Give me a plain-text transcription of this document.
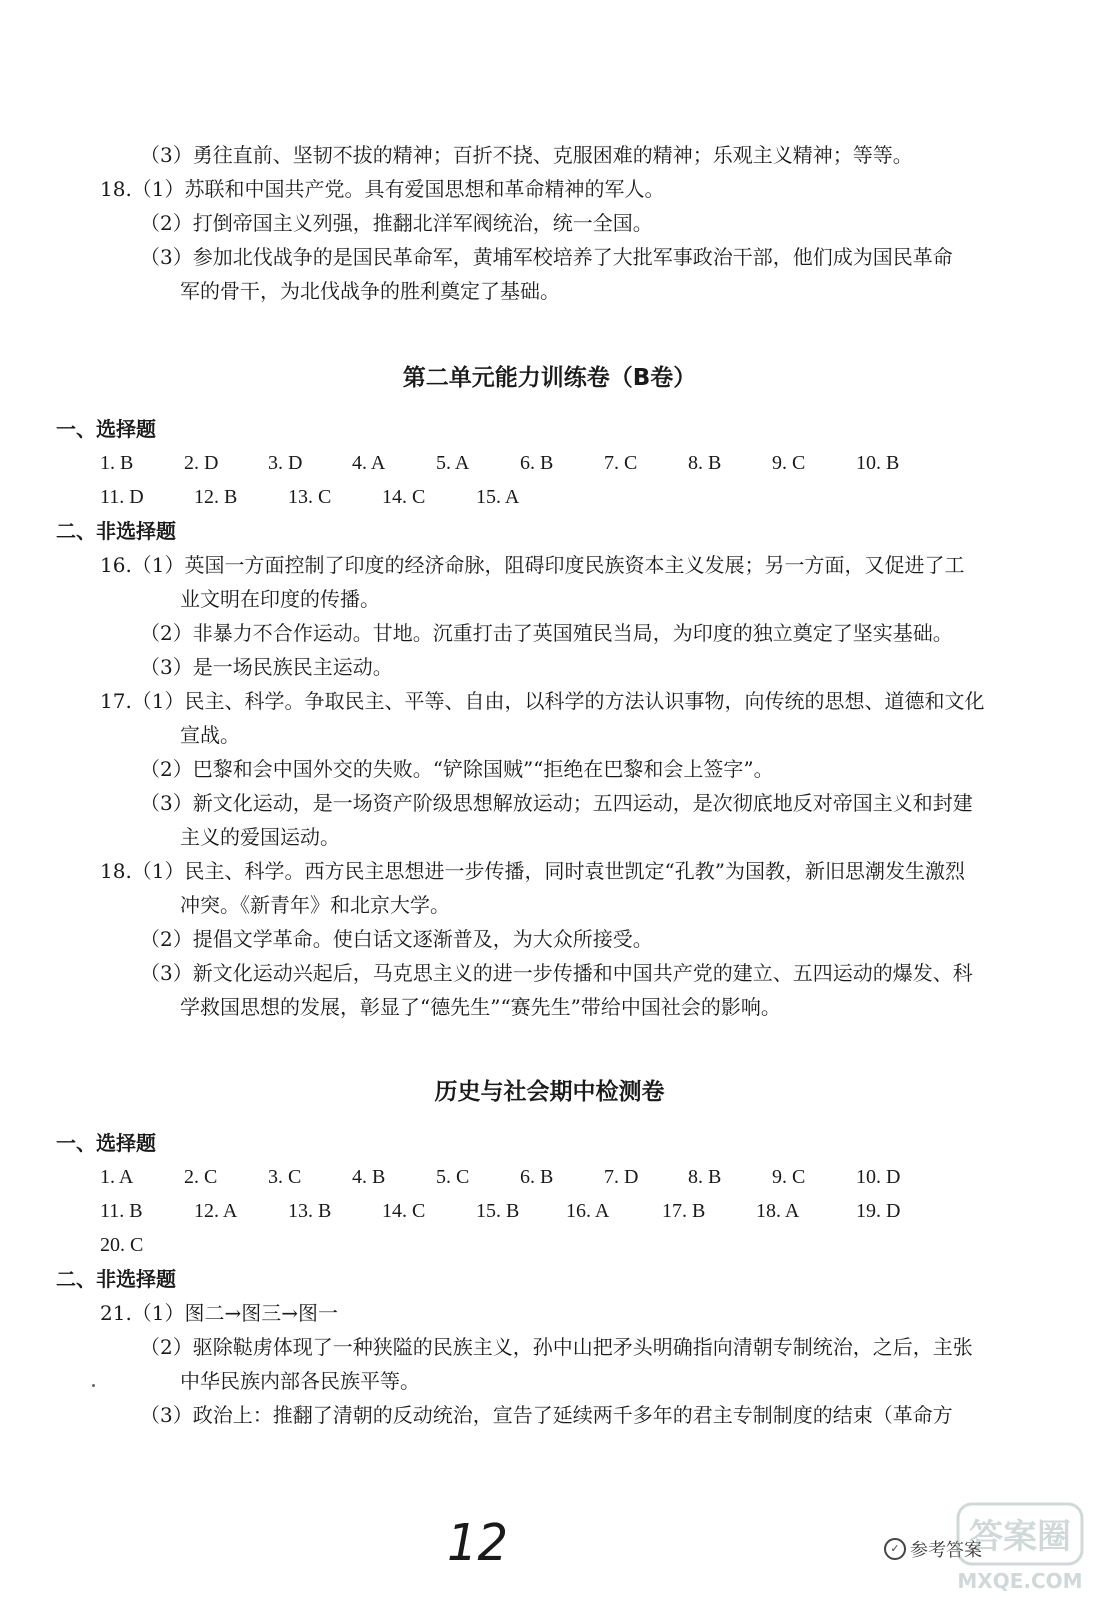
（3）勇往直前、坚韧不拔的精神；百折不挠、克服困难的精神；乐观主义精神；等等。
18.（1）苏联和中国共产党。具有爱国思想和革命精神的军人。
（2）打倒帝国主义列强，推翻北洋军阀统治，统一全国。
（3）参加北伐战争的是国民革命军，黄埔军校培养了大批军事政治干部，他们成为国民革命
军的骨干，为北伐战争的胜利奠定了基础。
第二单元能力训练卷（B卷）
一、选择题
1. B	2. D 3. D 4. A	5. A	6. B	7. C	8. B	9. C	10. B
11. D	12. B	13. C	14. C	15. A
二、非选择题
16.（1）英国一方面控制了印度的经济命脉，阻碍印度民族资本主义发展；另一方面，又促进了工
业文明在印度的传播。
（2）非暴力不合作运动。甘地。沉重打击了英国殖民当局，为印度的独立奠定了坚实基础。
（3）是一场民族民主运动。
17.（1）民主、科学。争取民主、平等、自由，以科学的方法认识事物，向传统的思想、道德和文化
宣战。
（2）巴黎和会中国外交的失败。“铲除国贼”“拒绝在巴黎和会上签字”。
（3）新文化运动，是一场资产阶级思想解放运动；五四运动，是次彻底地反对帝国主义和封建
主义的爱国运动。
18.（1）民主、科学。西方民主思想进一步传播，同时袁世凯定“孔教”为国教，新旧思潮发生激烈
冲突。《新青年》和北京大学。
（2）提倡文学革命。使白话文逐渐普及，为大众所接受。
（3）新文化运动兴起后，马克思主义的进一步传播和中国共产党的建立、五四运动的爆发、科
学救国思想的发展，彰显了“德先生”“赛先生”带给中国社会的影响。
历史与社会期中检测卷
一、选择题
1. A	2. C	3. C	4. B	5. C	6. B	7. D 8. B	9. C	10. D
11. B	12. A	13. B	14. C	15. B 16. A	17. B	18. A	19. D
20. C
二、非选择题
21.（1）图二→图三→图一
（2）驱除鞑虏体现了一种狭隘的民族主义，孙中山把矛头明确指向清朝专制统治，之后，主张
中华民族内部各民族平等。
（3）政治上：推翻了清朝的反动统治，宣告了延续两千多年的君主专制制度的结束（革命方
12	✓ 参考答案
答案圈
MXQE.COM
